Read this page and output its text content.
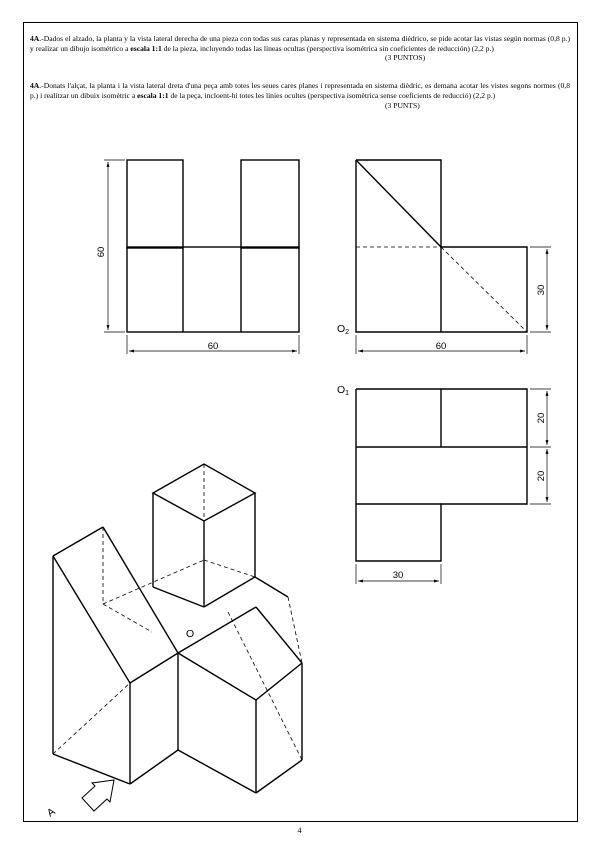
4A.-Dados el alzado, la planta y la vista lateral derecha de una pieza con todas sus caras planas y representada en sistema diédrico, se pide acotar las vistas según normas (0,8 p.) y realizar un dibujo isométrico a escala 1:1 de la pieza, incluyendo todas las líneas ocultas (perspectiva isométrica sin coeficientes de reducción) (2,2 p.)
(3 PUNTOS)
4A.-Donats l'alçat, la planta i la vista lateral dreta d'una peça amb totes les seues cares planes i representada en sistema dièdric, es demana acotar les vistes segons normes (0,8 p.) i realitzar un dibuix isomètric a escala 1:1 de la peça, incloent-hi totes les línies ocultes (perspectiva isomètrica sense coeficients de reducció) (2,2 p.)
(3 PUNTS)
60
60	60
30
O2
20
20
30
O1
O
A
4
